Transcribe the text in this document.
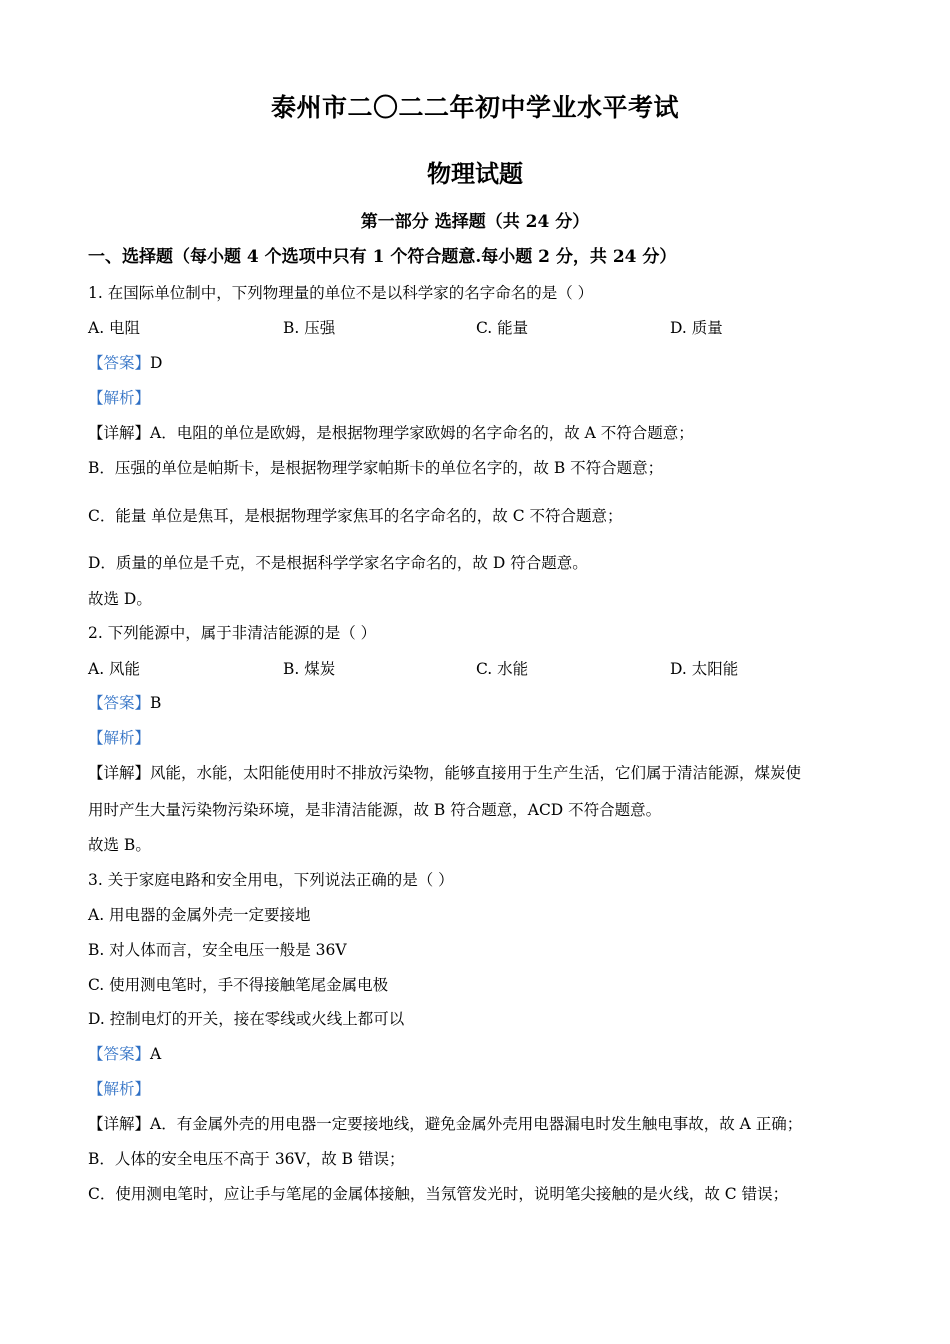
泰州市二〇二二年初中学业水平考试
物理试题
第一部分 选择题（共 24 分）
一、选择题（每小题 4 个选项中只有 1 个符合题意.每小题 2 分，共 24 分）
1. 在国际单位制中，下列物理量的单位不是以科学家的名字命名的是（ ）
A. 电阻	B. 压强	C. 能量	D. 质量
【答案】D
【解析】
【详解】A．电阻的单位是欧姆，是根据物理学家欧姆的名字命名的，故 A 不符合题意；
B．压强的单位是帕斯卡，是根据物理学家帕斯卡的单位名字的，故 B 不符合题意；
C．能量 单位是焦耳，是根据物理学家焦耳的名字命名的，故 C 不符合题意；
D．质量的单位是千克，不是根据科学学家名字命名的，故 D 符合题意。
故选 D。
2. 下列能源中，属于非清洁能源的是（ ）
A. 风能	B. 煤炭	C. 水能	D. 太阳能
【答案】B
【解析】
【详解】风能，水能，太阳能使用时不排放污染物，能够直接用于生产生活，它们属于清洁能源，煤炭使
用时产生大量污染物污染环境，是非清洁能源，故 B 符合题意，ACD 不符合题意。
故选 B。
3. 关于家庭电路和安全用电，下列说法正确的是（ ）
A. 用电器的金属外壳一定要接地
B. 对人体而言，安全电压一般是 36V
C. 使用测电笔时，手不得接触笔尾金属电极
D. 控制电灯的开关，接在零线或火线上都可以
【答案】A
【解析】
【详解】A．有金属外壳的用电器一定要接地线，避免金属外壳用电器漏电时发生触电事故，故 A 正确；
B．人体的安全电压不高于 36V，故 B 错误；
C．使用测电笔时，应让手与笔尾的金属体接触，当氖管发光时，说明笔尖接触的是火线，故 C 错误；
